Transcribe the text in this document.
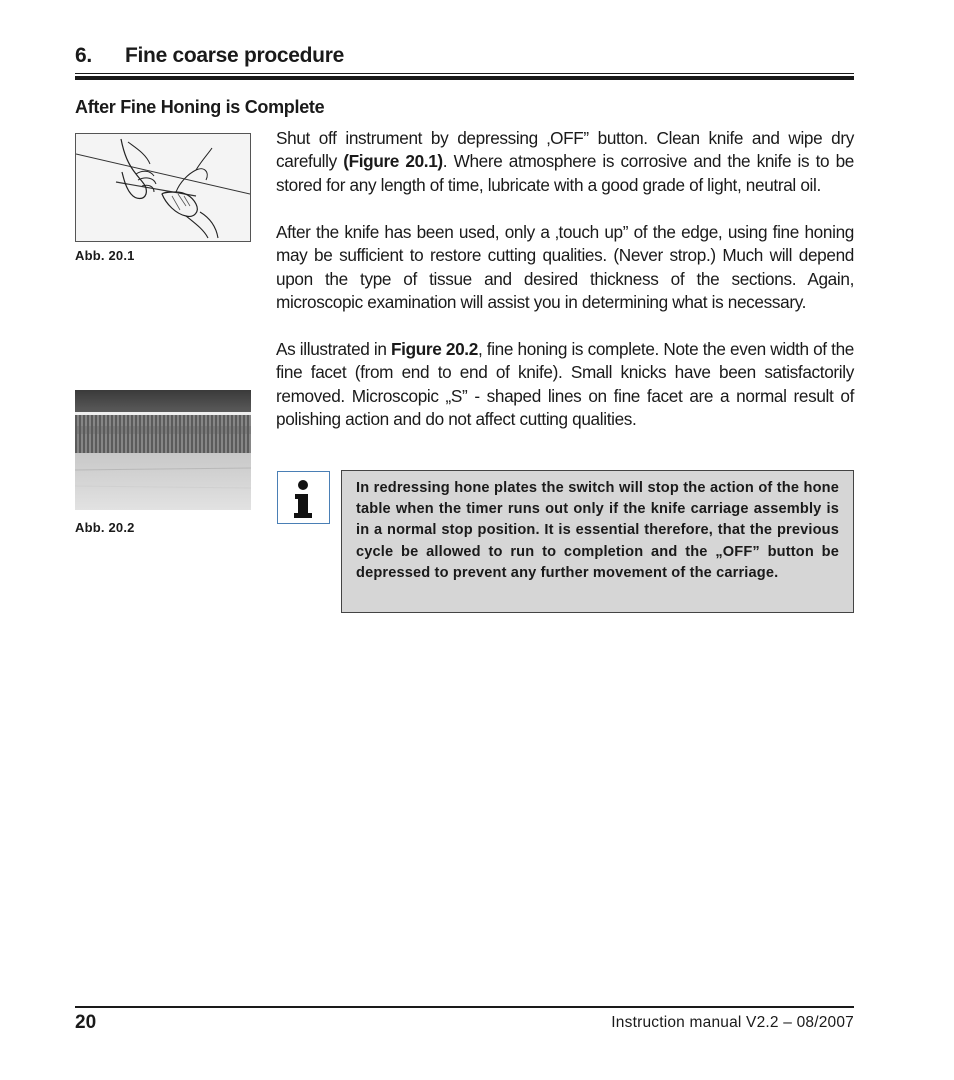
6. Fine coarse procedure
After Fine Honing is Complete
Abb. 20.1
Abb. 20.2
Shut off instrument by depressing ‚OFF” button. Clean knife and wipe dry carefully (Figure 20.1). Where atmosphere is corrosive and the knife is to be stored for any length of time, lubricate with a good grade of light, neutral oil.
After the knife has been used, only a ‚touch up” of the edge, using fine honing may be sufficient to restore cutting qualities. (Never strop.) Much will depend upon the type of tissue and desired thickness of the sections. Again, microscopic examination will assist you in determining what is necessary.
As illustrated in Figure 20.2, fine honing is complete. Note the even width of the fine facet (from end to end of knife). Small knicks have been satisfactorily removed. Microscopic „S” - shaped lines on fine facet are a normal result of polishing action and do not affect cutting qualities.

In redressing hone plates the switch will stop the action of the hone table when the timer runs out only if the knife carriage assembly is in a normal stop position. It is essential therefore, that the previous cycle be allowed to run to completion and the „OFF” button be depressed to prevent any further movement of the carriage.

20	Instruction manual V2.2 – 08/2007
